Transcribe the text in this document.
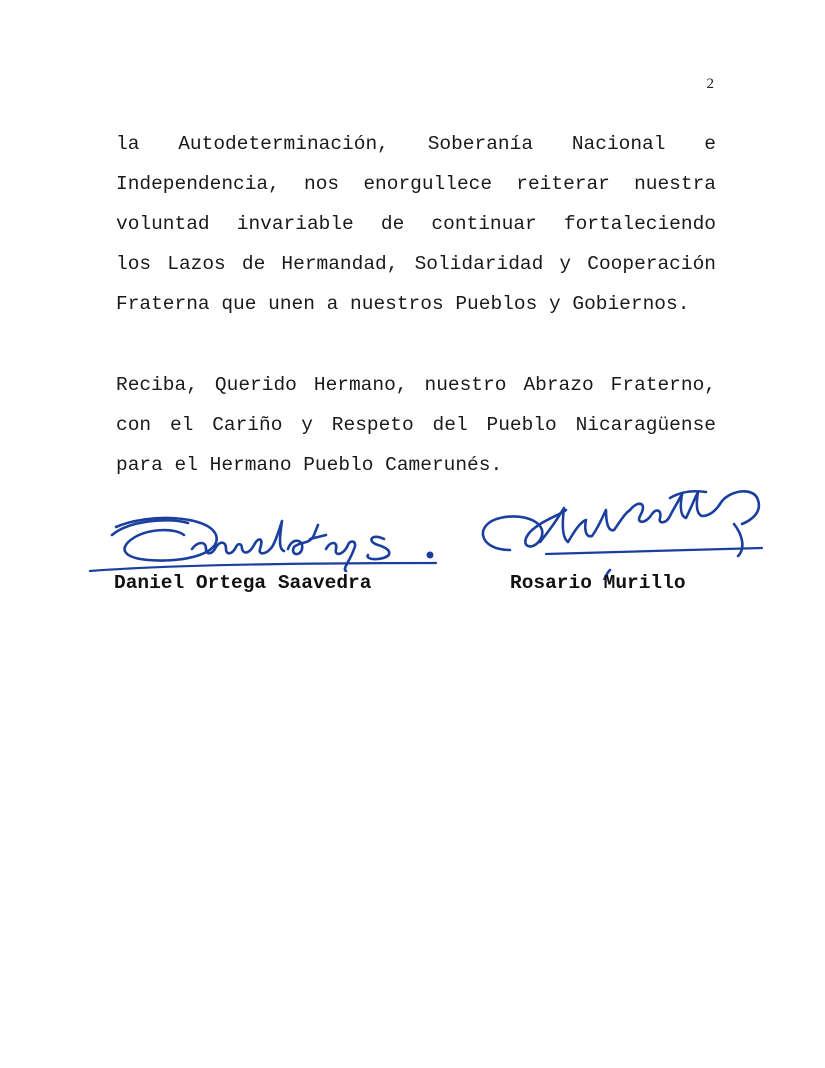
2
la Autodeterminación, Soberanía Nacional e
Independencia, nos enorgullece reiterar nuestra
voluntad invariable de continuar fortaleciendo
los Lazos de Hermandad, Solidaridad y Cooperación
Fraterna que unen a nuestros Pueblos y Gobiernos.
Reciba, Querido Hermano, nuestro Abrazo Fraterno,
con el Cariño y Respeto del Pueblo Nicaragüense
para el Hermano Pueblo Camerunés.
Daniel Ortega Saavedra	Rosario Murillo
